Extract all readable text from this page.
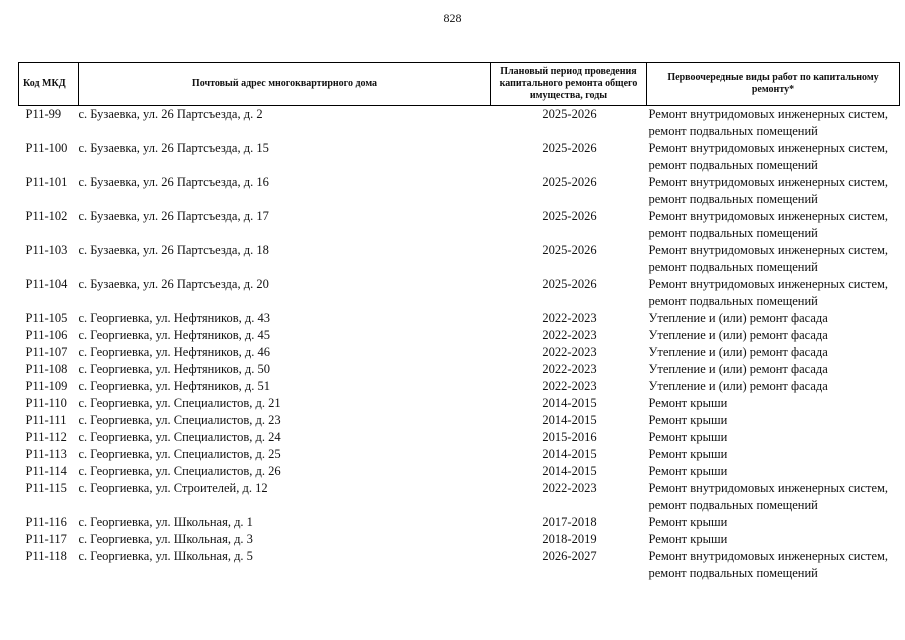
828
Код МКД	Почтовый адрес многоквартирного дома	Плановый период проведения капитального ремонта общего имущества, годы	Первоочередные виды работ по капитальному ремонту*
Р11-99	с. Бузаевка, ул. 26 Партсъезда, д. 2	2025-2026	Ремонт внутридомовых инженерных систем,
ремонт подвальных помещений

Р11-100	с. Бузаевка, ул. 26 Партсъезда, д. 15	2025-2026	Ремонт внутридомовых инженерных систем,
ремонт подвальных помещений

Р11-101	с. Бузаевка, ул. 26 Партсъезда, д. 16	2025-2026	Ремонт внутридомовых инженерных систем,
ремонт подвальных помещений

Р11-102	с. Бузаевка, ул. 26 Партсъезда, д. 17	2025-2026	Ремонт внутридомовых инженерных систем,
ремонт подвальных помещений

Р11-103	с. Бузаевка, ул. 26 Партсъезда, д. 18	2025-2026	Ремонт внутридомовых инженерных систем,
ремонт подвальных помещений

Р11-104	с. Бузаевка, ул. 26 Партсъезда, д. 20	2025-2026	Ремонт внутридомовых инженерных систем,
ремонт подвальных помещений

Р11-105	с. Георгиевка, ул. Нефтяников, д. 43	2022-2023	Утепление и (или) ремонт фасада

Р11-106	с. Георгиевка, ул. Нефтяников, д. 45	2022-2023	Утепление и (или) ремонт фасада

Р11-107	с. Георгиевка, ул. Нефтяников, д. 46	2022-2023	Утепление и (или) ремонт фасада

Р11-108	с. Георгиевка, ул. Нефтяников, д. 50	2022-2023	Утепление и (или) ремонт фасада

Р11-109	с. Георгиевка, ул. Нефтяников, д. 51	2022-2023	Утепление и (или) ремонт фасада

Р11-110	с. Георгиевка, ул. Специалистов, д. 21	2014-2015	Ремонт крыши

Р11-111	с. Георгиевка, ул. Специалистов, д. 23	2014-2015	Ремонт крыши

Р11-112	с. Георгиевка, ул. Специалистов, д. 24	2015-2016	Ремонт крыши

Р11-113	с. Георгиевка, ул. Специалистов, д. 25	2014-2015	Ремонт крыши

Р11-114	с. Георгиевка, ул. Специалистов, д. 26	2014-2015	Ремонт крыши

Р11-115	с. Георгиевка, ул. Строителей, д. 12	2022-2023	Ремонт внутридомовых инженерных систем,
ремонт подвальных помещений

Р11-116	с. Георгиевка, ул. Школьная, д. 1	2017-2018	Ремонт крыши

Р11-117	с. Георгиевка, ул. Школьная, д. 3	2018-2019	Ремонт крыши

Р11-118	с. Георгиевка, ул. Школьная, д. 5	2026-2027	Ремонт внутридомовых инженерных систем,
ремонт подвальных помещений
